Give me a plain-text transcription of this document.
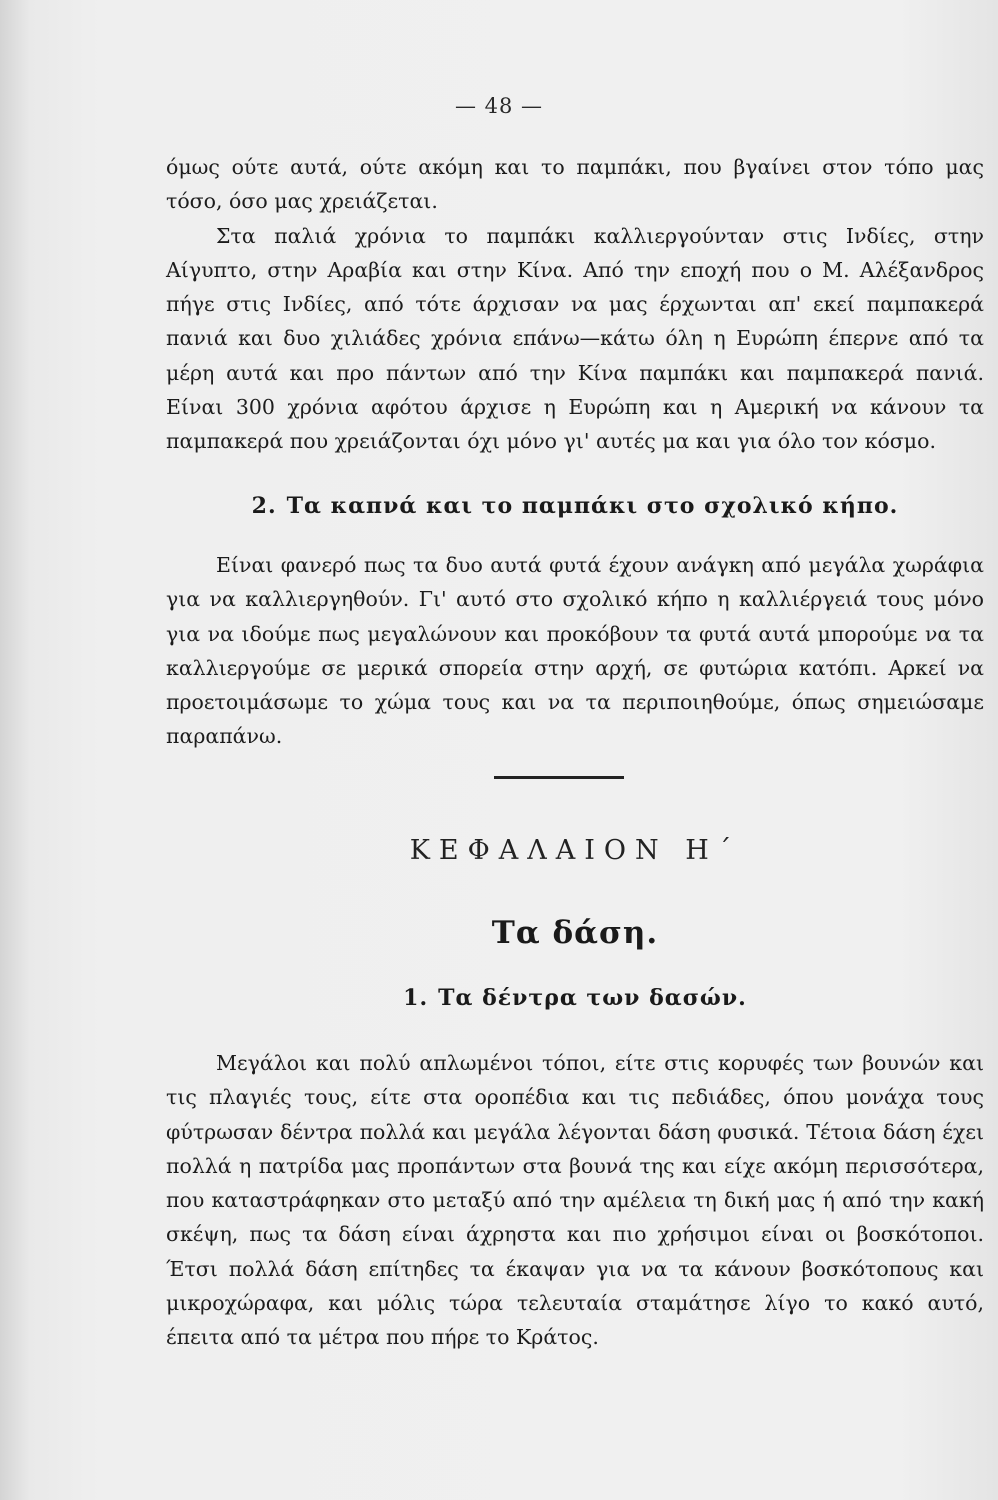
— 48 —

όμως ούτε αυτά, ούτε ακόμη και το παμπάκι, που βγαίνει στον τόπο μας τόσο, όσο μας χρειάζεται.

Στα παλιά χρόνια το παμπάκι καλλιεργούνταν στις Ινδίες, στην Αίγυπτο, στην Αραβία και στην Κίνα. Από την εποχή που ο Μ. Αλέξανδρος πήγε στις Ινδίες, από τότε άρχισαν να μας έρχωνται απ' εκεί παμπακερά πανιά και δυο χιλιάδες χρόνια επάνω—κάτω όλη η Ευρώπη έπερνε από τα μέρη αυτά και προ πάντων από την Κίνα παμπάκι και παμπακερά πανιά. Είναι 300 χρόνια αφότου άρχισε η Ευρώπη και η Αμερική να κάνουν τα παμπακερά που χρειάζονται όχι μόνο γι' αυτές μα και για όλο τον κόσμο.

2. Τα καπνά και το παμπάκι στο σχολικό κήπο.

Είναι φανερό πως τα δυο αυτά φυτά έχουν ανάγκη από μεγάλα χωράφια για να καλλιεργηθούν. Γι' αυτό στο σχολικό κήπο η καλλιέργειά τους μόνο για να ιδούμε πως μεγαλώνουν και προκόβουν τα φυτά αυτά μπορούμε να τα καλλιεργούμε σε μερικά σπορεία στην αρχή, σε φυτώρια κατόπι. Αρκεί να προετοιμάσωμε το χώμα τους και να τα περιποιηθούμε, όπως σημειώσαμε παραπάνω.

ΚΕΦΑΛΑΙΟΝ Η΄
Τα δάση.
1. Τα δέντρα των δασών.

Μεγάλοι και πολύ απλωμένοι τόποι, είτε στις κορυφές των βουνών και τις πλαγιές τους, είτε στα οροπέδια και τις πεδιάδες, όπου μονάχα τους φύτρωσαν δέντρα πολλά και μεγάλα λέγονται δάση φυσικά. Τέτοια δάση έχει πολλά η πατρίδα μας προπάντων στα βουνά της και είχε ακόμη περισσότερα, που καταστράφηκαν στο μεταξύ από την αμέλεια τη δική μας ή από την κακή σκέψη, πως τα δάση είναι άχρηστα και πιο χρήσιμοι είναι οι βοσκότοποι. Έτσι πολλά δάση επίτηδες τα έκαψαν για να τα κάνουν βοσκότοπους και μικροχώραφα, και μόλις τώρα τελευταία σταμάτησε λίγο το κακό αυτό, έπειτα από τα μέτρα που πήρε το Κράτος.
